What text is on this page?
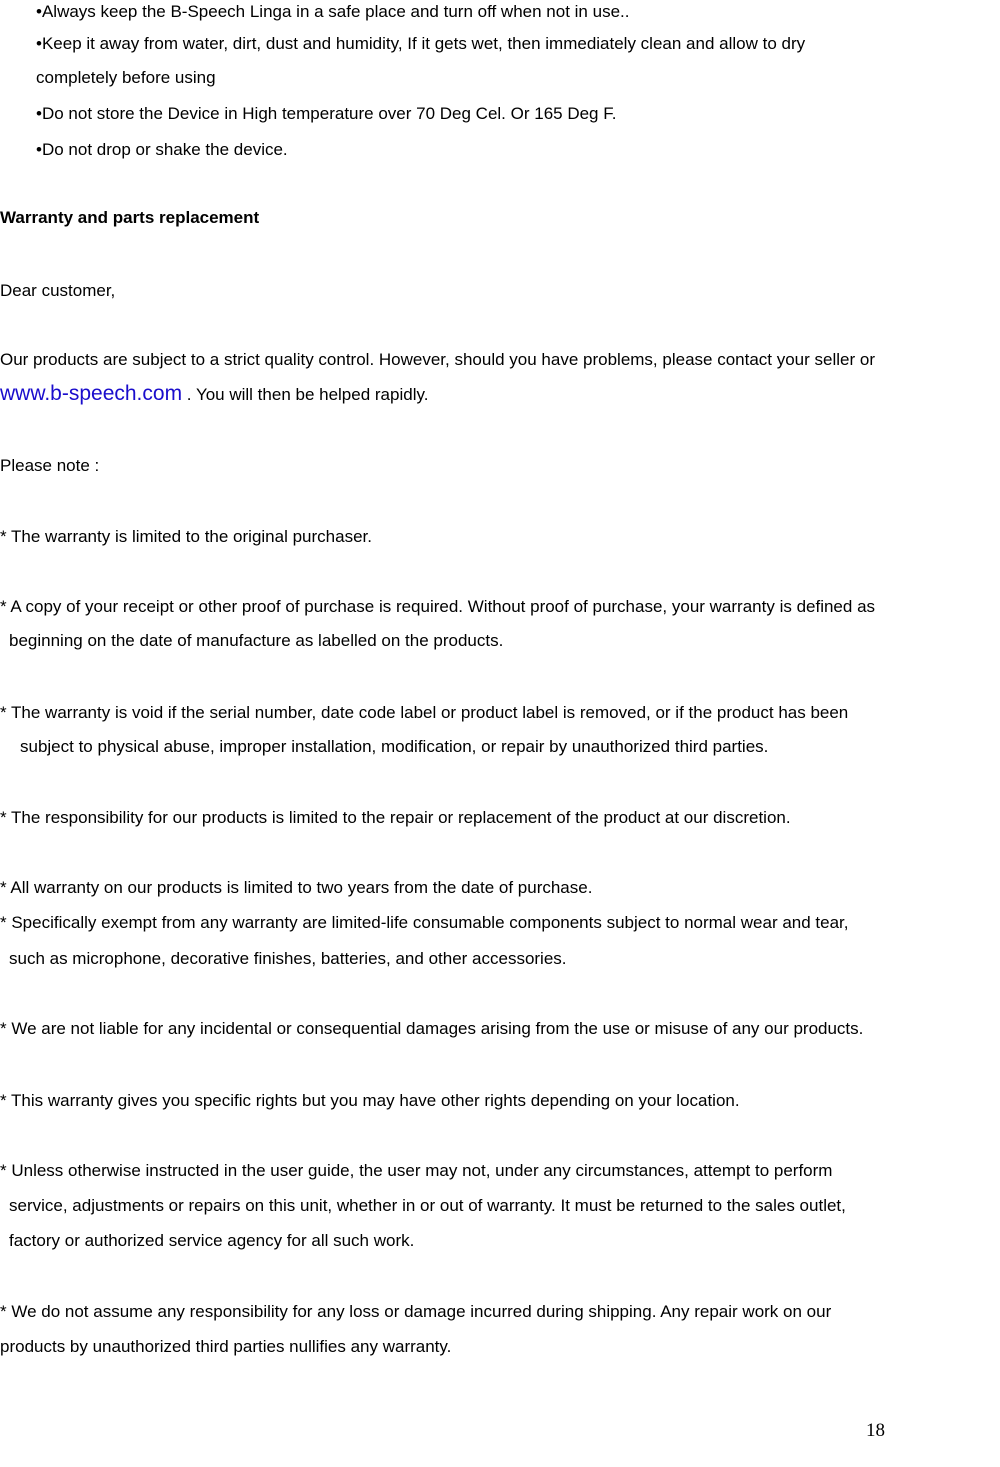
•Always keep the B-Speech Linga in a safe place and turn off when not in use..
•Keep it away from water, dirt, dust and humidity, If it gets wet, then immediately clean and allow to dry
completely before using
•Do not store the Device in High temperature over 70 Deg Cel. Or 165 Deg F.
•Do not drop or shake the device.
Warranty and parts replacement
Dear customer,
Our products are subject to a strict quality control. However, should you have problems, please contact your seller or
www.b-speech.com . You will then be helped rapidly.
Please note :
* The warranty is limited to the original purchaser.
* A copy of your receipt or other proof of purchase is required. Without proof of purchase, your warranty is defined as
beginning on the date of manufacture as labelled on the products.
* The warranty is void if the serial number, date code label or product label is removed, or if the product has been
subject to physical abuse, improper installation, modification, or repair by unauthorized third parties.
* The responsibility for our products is limited to the repair or replacement of the product at our discretion.
* All warranty on our products is limited to two years from the date of purchase.
* Specifically exempt from any warranty are limited-life consumable components subject to normal wear and tear,
such as microphone, decorative finishes, batteries, and other accessories.
* We are not liable for any incidental or consequential damages arising from the use or misuse of any our products.
* This warranty gives you specific rights but you may have other rights depending on your location.
* Unless otherwise instructed in the user guide, the user may not, under any circumstances, attempt to perform
service, adjustments or repairs on this unit, whether in or out of warranty. It must be returned to the sales outlet,
factory or authorized service agency for all such work.
* We do not assume any responsibility for any loss or damage incurred during shipping. Any repair work on our
products by unauthorized third parties nullifies any warranty.
18
